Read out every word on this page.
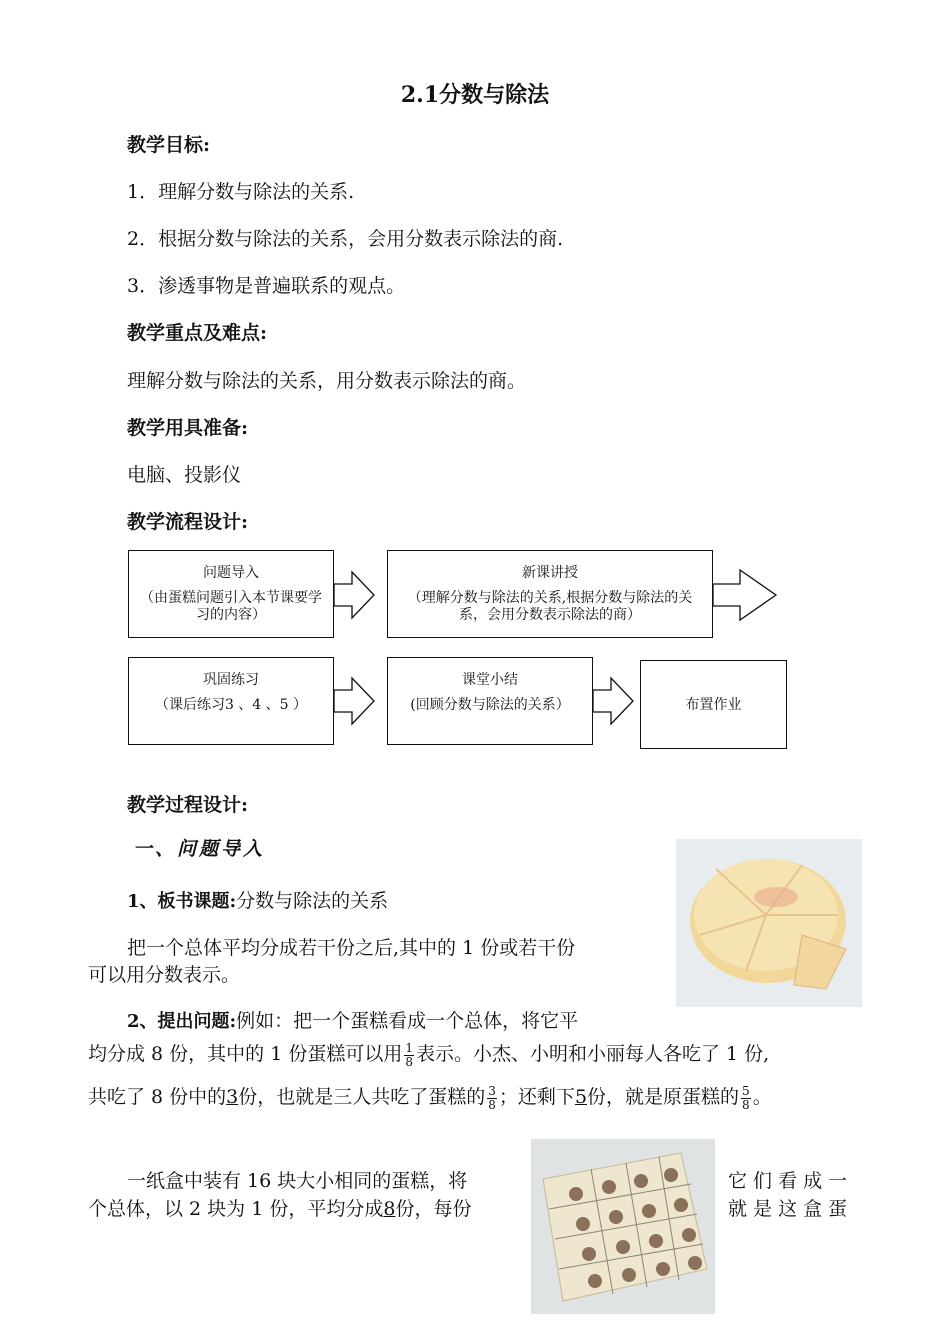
2.1分数与除法
教学目标:
1．理解分数与除法的关系.
2．根据分数与除法的关系，会用分数表示除法的商.
3．渗透事物是普遍联系的观点。
教学重点及难点:
理解分数与除法的关系，用分数表示除法的商。
教学用具准备:
电脑、投影仪
教学流程设计:
问题导入
（由蛋糕问题引入本节课要学习的内容）
新课讲授
（理解分数与除法的关系,根据分数与除法的关系，会用分数表示除法的商）
巩固练习
（课后练习3 、4 、5 ）
课堂小结
(回顾分数与除法的关系）	布置作业
教学过程设计:
一、问题导入
1、板书课题:分数与除法的关系
把一个总体平均分成若干份之后,其中的 1 份或若干份
可以用分数表示。
2、提出问题:例如：把一个蛋糕看成一个总体，将它平
均分成 8 份，其中的 1 份蛋糕可以用 $\frac{1}{8}$ 表示。小杰、小明和小丽每人各吃了 1 份,
共吃了 8 份中的3份，也就是三人共吃了蛋糕的 $\frac{3}{8}$ ；还剩下5份，就是原蛋糕的 $\frac{5}{8}$ 。
一纸盒中装有 16 块大小相同的蛋糕，将	它 们 看 成 一
个总体，以 2 块为 1 份，平均分成8份，每份	就 是 这 盒 蛋
